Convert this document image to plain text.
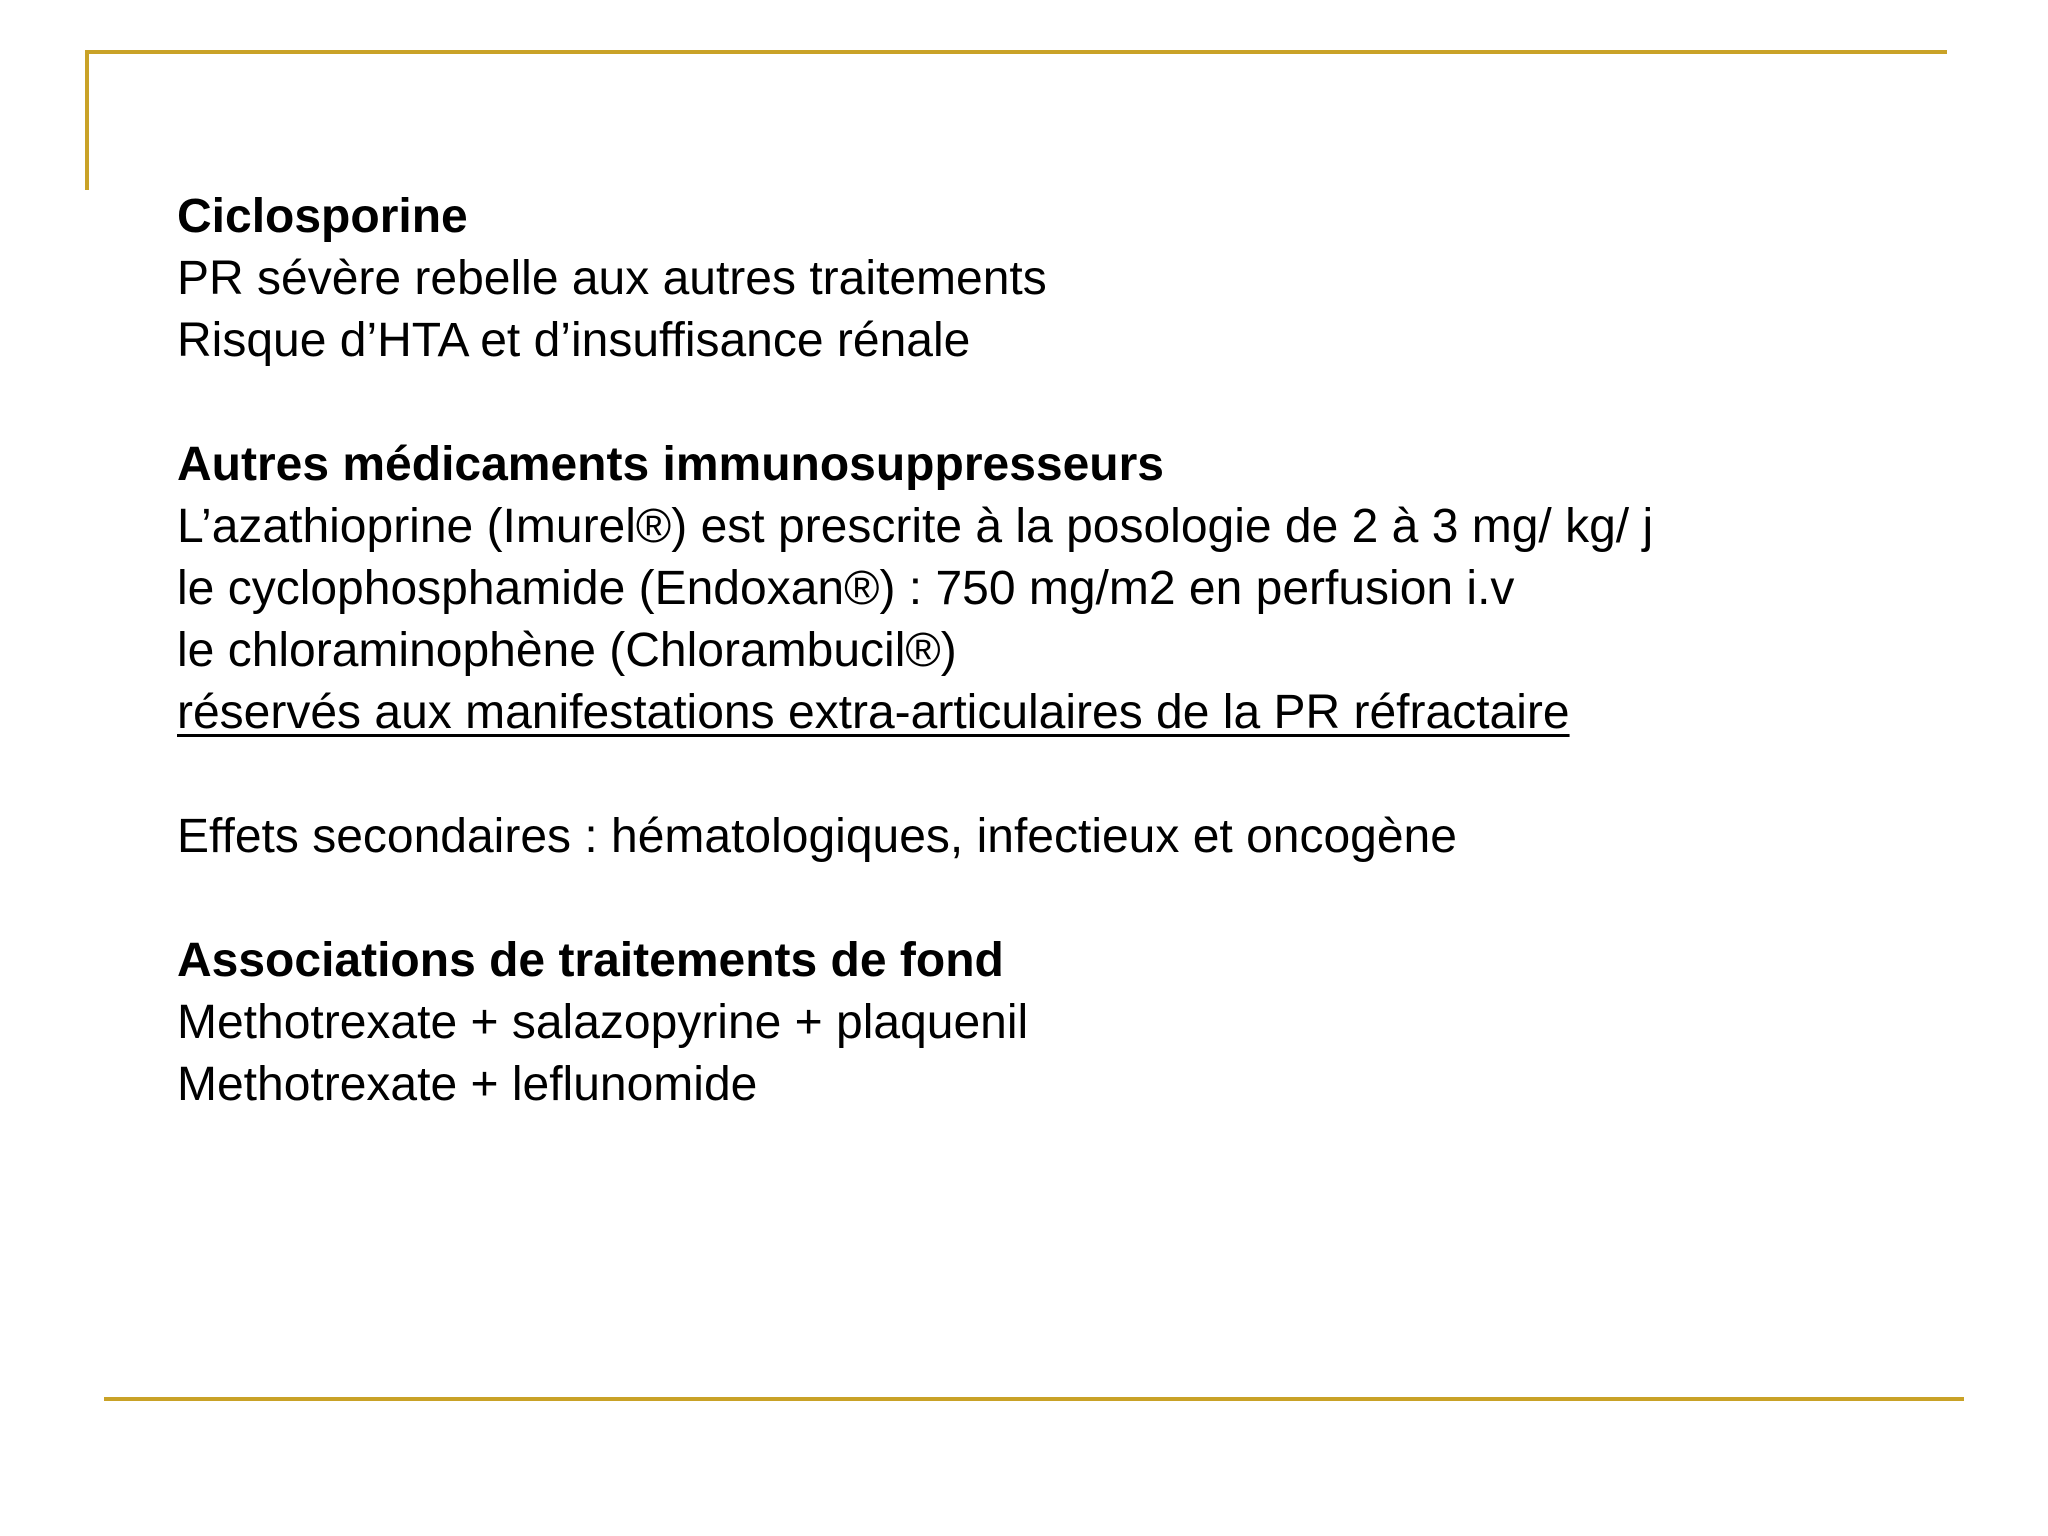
Ciclosporine
PR sévère rebelle aux autres traitements
Risque d’HTA et d’insuffisance rénale
Autres médicaments immunosuppresseurs
L’azathioprine (Imurel®) est prescrite à la posologie de 2 à 3 mg/ kg/ j
le cyclophosphamide (Endoxan®) : 750 mg/m2 en perfusion i.v
le chloraminophène (Chlorambucil®)
réservés aux manifestations extra-articulaires de la PR réfractaire
Effets secondaires : hématologiques, infectieux et oncogène
Associations de traitements de fond
Methotrexate + salazopyrine + plaquenil
Methotrexate + leflunomide
